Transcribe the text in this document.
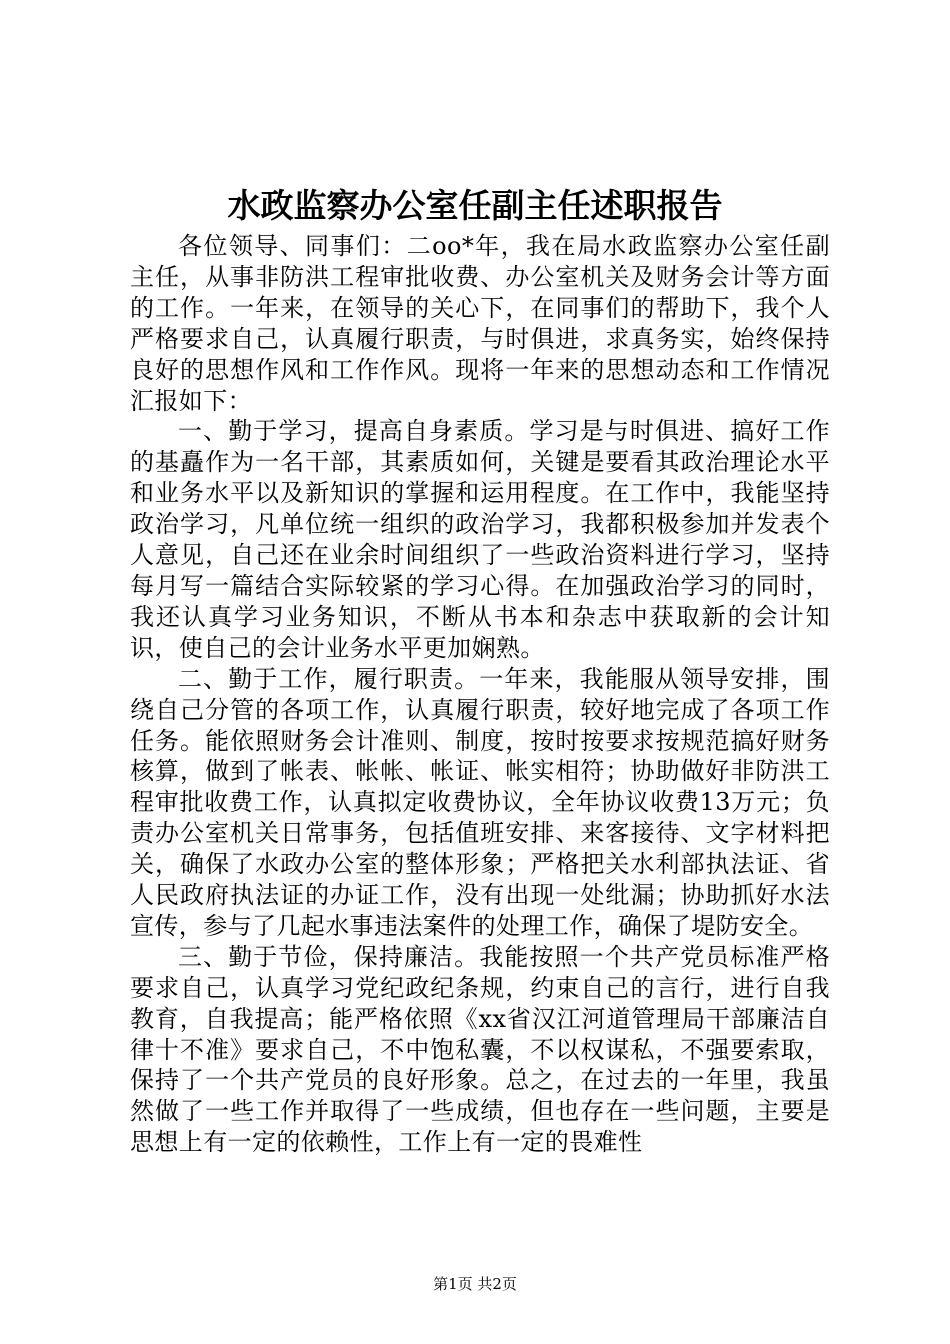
水政监察办公室任副主任述职报告

各位领导、同事们：二oo*年，我在局水政监察办公室任副主任，从事非防洪工程审批收费、办公室机关及财务会计等方面的工作。一年来，在领导的关心下，在同事们的帮助下，我个人严格要求自己，认真履行职责，与时俱进，求真务实，始终保持良好的思想作风和工作作风。现将一年来的思想动态和工作情况汇报如下：

一、勤于学习，提高自身素质。学习是与时俱进、搞好工作的基矗作为一名干部，其素质如何，关键是要看其政治理论水平和业务水平以及新知识的掌握和运用程度。在工作中，我能坚持政治学习，凡单位统一组织的政治学习，我都积极参加并发表个人意见，自己还在业余时间组织了一些政治资料进行学习，坚持每月写一篇结合实际较紧的学习心得。在加强政治学习的同时，我还认真学习业务知识，不断从书本和杂志中获取新的会计知识，使自己的会计业务水平更加娴熟。

二、勤于工作，履行职责。一年来，我能服从领导安排，围绕自己分管的各项工作，认真履行职责，较好地完成了各项工作任务。能依照财务会计准则、制度，按时按要求按规范搞好财务核算，做到了帐表、帐帐、帐证、帐实相符；协助做好非防洪工程审批收费工作，认真拟定收费协议，全年协议收费13万元；负责办公室机关日常事务，包括值班安排、来客接待、文字材料把关，确保了水政办公室的整体形象；严格把关水利部执法证、省人民政府执法证的办证工作，没有出现一处纰漏；协助抓好水法宣传，参与了几起水事违法案件的处理工作，确保了堤防安全。

三、勤于节俭，保持廉洁。我能按照一个共产党员标准严格要求自己，认真学习党纪政纪条规，约束自己的言行，进行自我教育，自我提高；能严格依照《xx省汉江河道管理局干部廉洁自律十不准》要求自己，不中饱私囊，不以权谋私，不强要索取，保持了一个共产党员的良好形象。总之，在过去的一年里，我虽然做了一些工作并取得了一些成绩，但也存在一些问题，主要是思想上有一定的依赖性，工作上有一定的畏难性

第1页 共2页
